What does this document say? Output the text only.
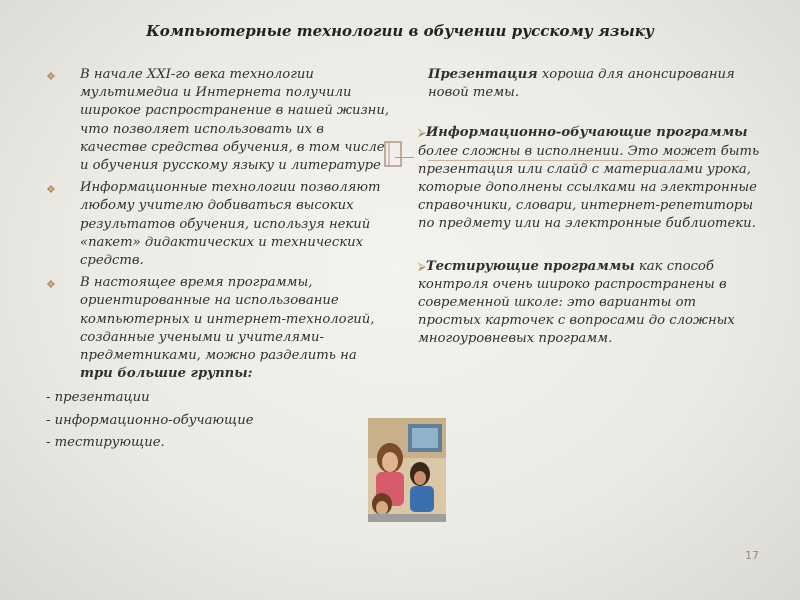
Компьютерные технологии в обучении русскому языку
❖ В начале XXI-го века технологии мультимедиа и Интернета получили широкое распространение в нашей жизни, что позволяет использовать их в качестве средства обучения, в том числе и обучения русскому языку и литературе
❖ Информационные технологии позволяют любому учителю добиваться высоких результатов обучения, используя некий «пакет» дидактических и технических средств.
❖ В настоящее время программы, ориентированные на использование компьютерных и интернет-технологий, созданные учеными и учителями-предметниками, можно разделить на три большие группы:
- презентации
- информационно-обучающие
- тестирующие.

Презентация хороша для анонсирования новой темы.

⮚Информационно-обучающие программы более сложны в исполнении. Это может быть презентация или слайд с материалами урока, которые дополнены ссылками на электронные справочники, словари, интернет-репетиторы по предмету или на электронные библиотеки.

⮚Тестирующие программы как способ контроля очень широко распространены в современной школе: это варианты от простых карточек с вопросами до сложных многоуровневых программ.

17
